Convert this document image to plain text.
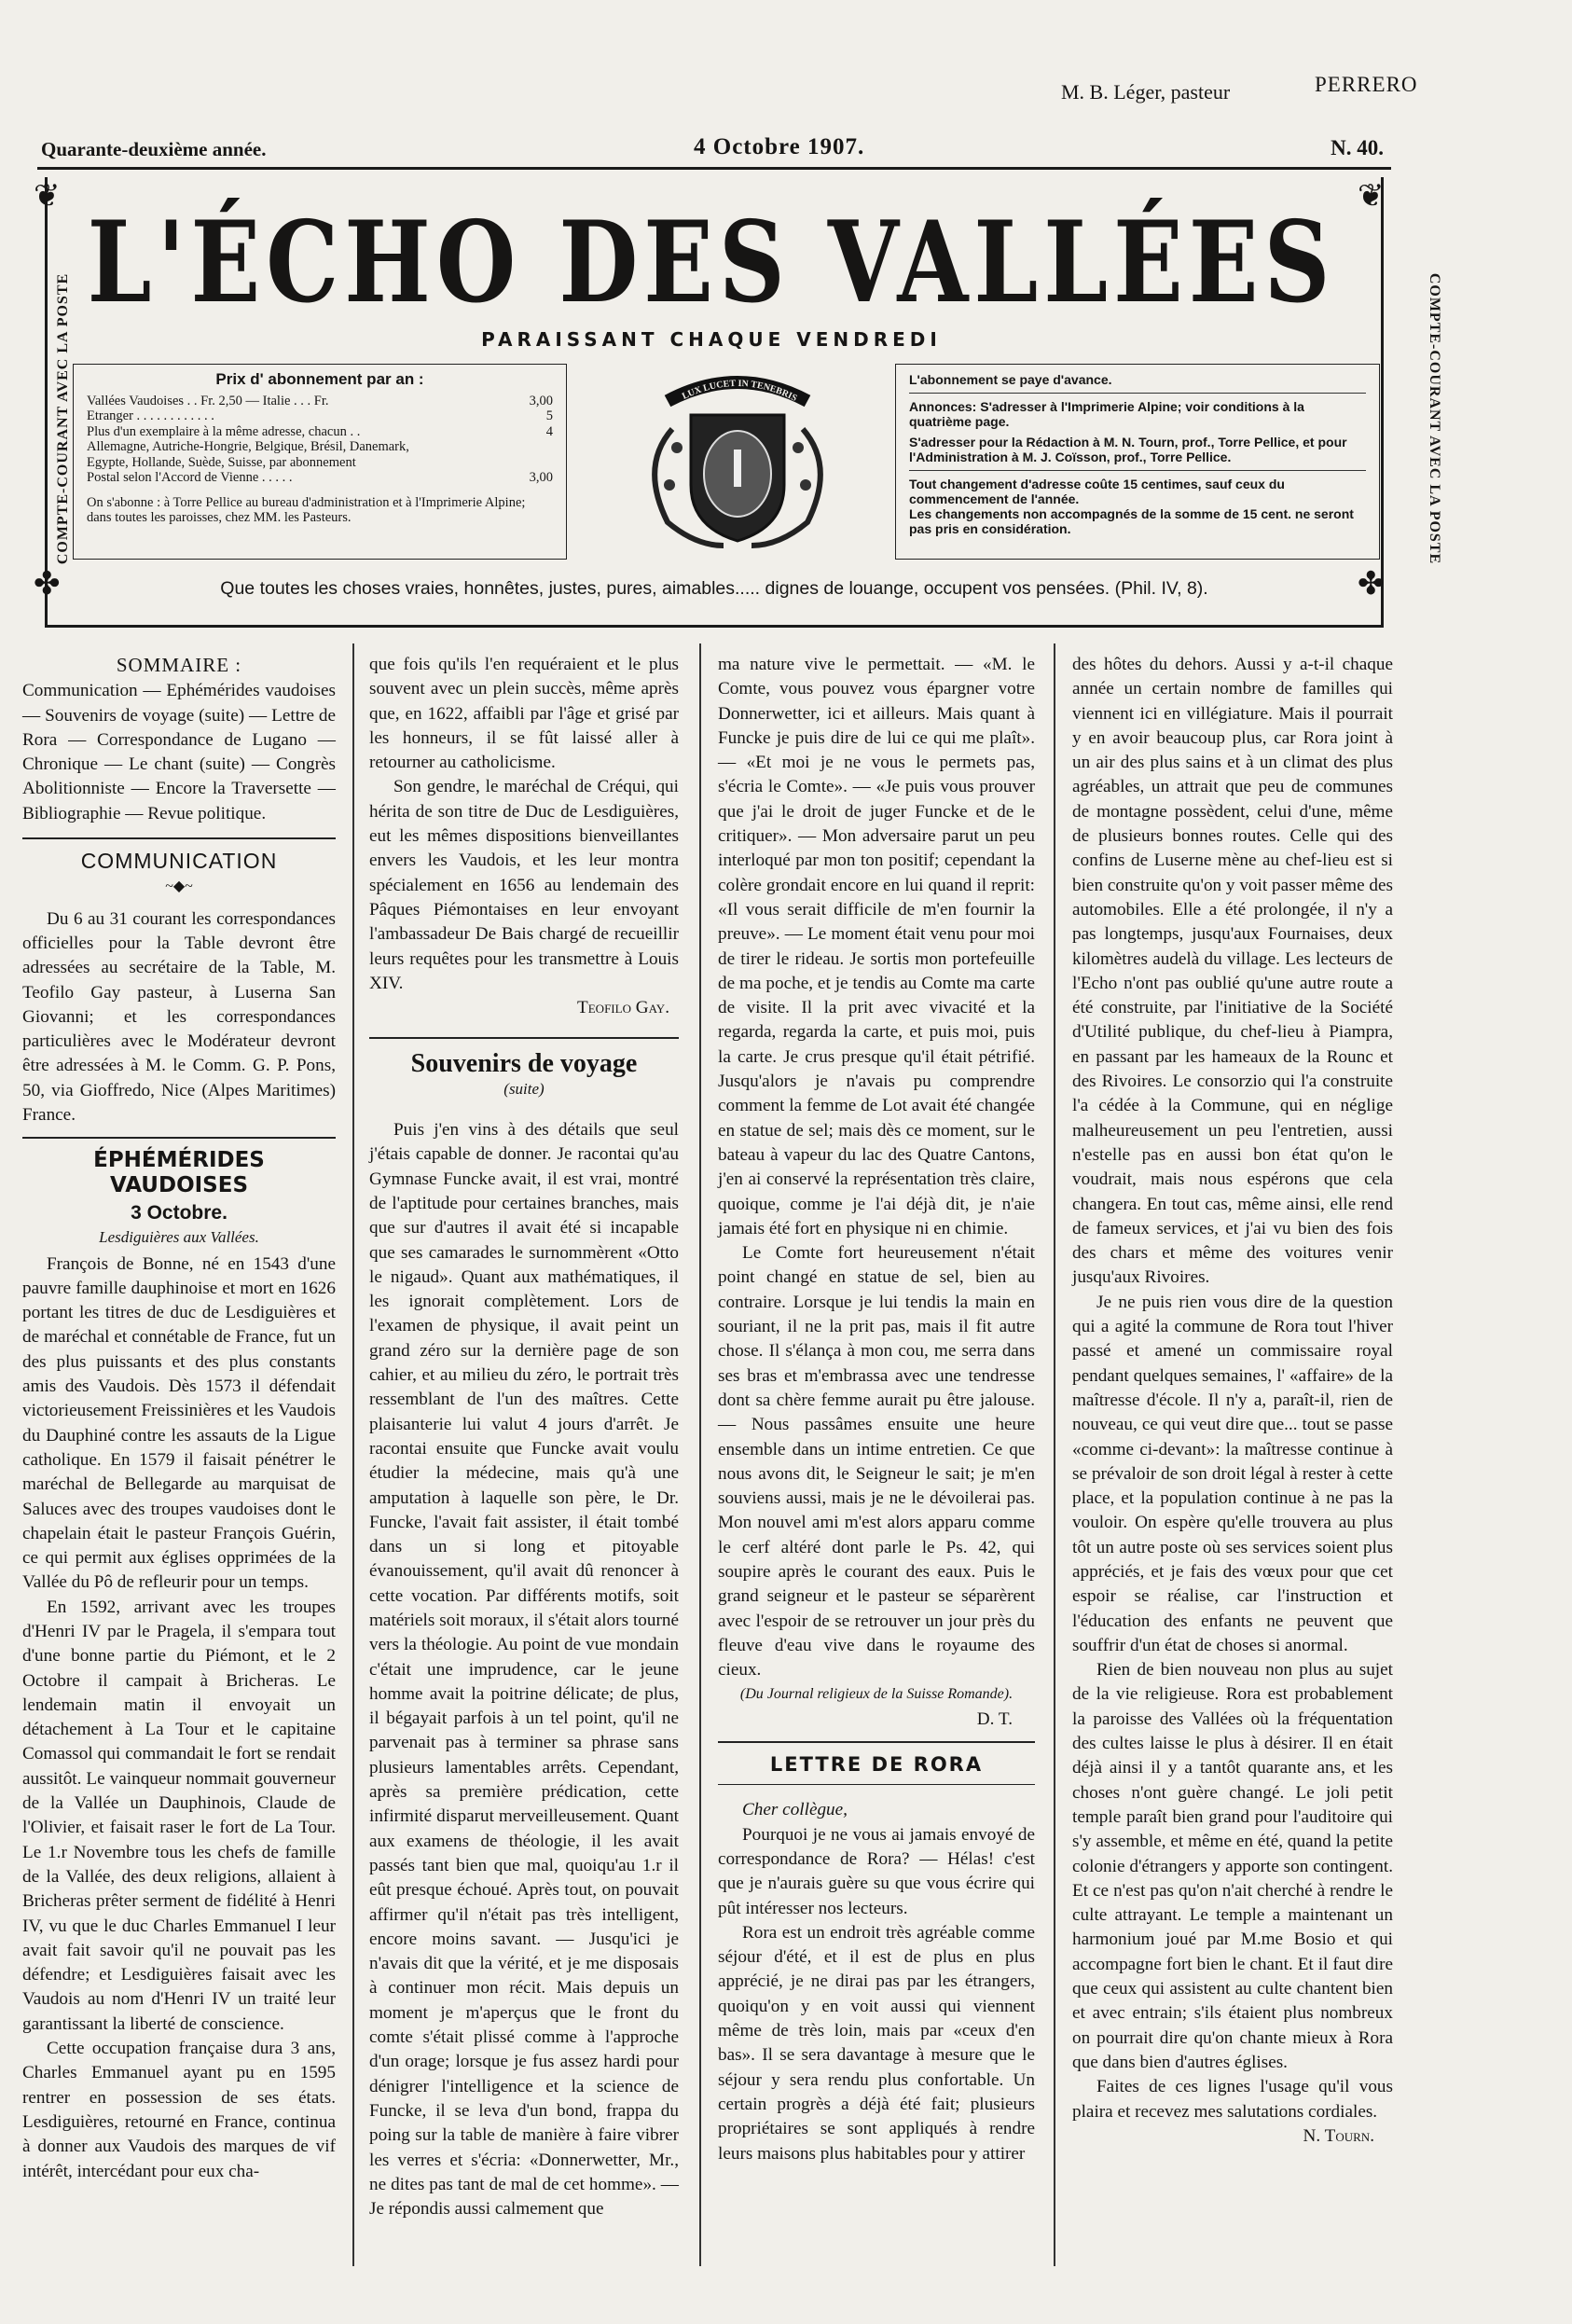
M. B. Léger, pasteur	PERRERO
Quarante-deuxième année.	4 Octobre 1907.	N. 40.
❦	❦
✤	✤
COMPTE-COURANT AVEC LA POSTE	COMPTE-COURANT AVEC LA POSTE
L'ÉCHO DES VALLÉES
PARAISSANT CHAQUE VENDREDI
Prix d' abonnement par an :
Vallées Vaudoises . . Fr. 2,50 — Italie . . . Fr.	3,00
Etranger . . . . . . . . . . . .	5
Plus d'un exemplaire à la même adresse, chacun . .	4
Allemagne, Autriche-Hongrie, Belgique, Brésil, Danemark,
Egypte, Hollande, Suède, Suisse, par abonnement
Postal selon l'Accord de Vienne . . . . .	3,00
On s'abonne : à Torre Pellice au bureau d'administration et à l'Imprimerie Alpine; dans toutes les paroisses, chez MM. les Pasteurs.
LUX LUCET IN TENEBRIS

L'abonnement se paye d'avance.

Annonces: S'adresser à l'Imprimerie Alpine; voir conditions à la quatrième page.

S'adresser pour la Rédaction à M. N. Tourn, prof., Torre Pellice, et pour l'Administration à M. J. Coïsson, prof., Torre Pellice.

Tout changement d'adresse coûte 15 centimes, sauf ceux du commencement de l'année.

Les changements non accompagnés de la somme de 15 cent. ne seront pas pris en considération.

Que toutes les choses vraies, honnêtes, justes, pures, aimables..... dignes de louange, occupent vos pensées. (Phil. IV, 8).
SOMMAIRE :

Communication — Ephémérides vaudoises — Souvenirs de voyage (suite) — Lettre de Rora — Correspondance de Lugano — Chronique — Le chant (suite) — Congrès Abolitionniste — Encore la Traversette — Bibliographie — Revue politique.

COMMUNICATION
~◆~

Du 6 au 31 courant les correspondances officielles pour la Table devront être adressées au secrétaire de la Table, M. Teofilo Gay pasteur, à Luserna San Giovanni; et les correspondances particulières avec le Modérateur devront être adressées à M. le Comm. G. P. Pons, 50, via Gioffredo, Nice (Alpes Maritimes) France.

ÉPHÉMÉRIDES VAUDOISES
3 Octobre.
Lesdiguières aux Vallées.

François de Bonne, né en 1543 d'une pauvre famille dauphinoise et mort en 1626 portant les titres de duc de Lesdiguières et de maréchal et connétable de France, fut un des plus puissants et des plus constants amis des Vaudois. Dès 1573 il défendait victorieusement Freissinières et les Vaudois du Dauphiné contre les assauts de la Ligue catholique. En 1579 il faisait pénétrer le maréchal de Bellegarde au marquisat de Saluces avec des troupes vaudoises dont le chapelain était le pasteur François Guérin, ce qui permit aux églises opprimées de la Vallée du Pô de refleurir pour un temps.

En 1592, arrivant avec les troupes d'Henri IV par le Pragela, il s'empara tout d'une bonne partie du Piémont, et le 2 Octobre il campait à Bricheras. Le lendemain matin il envoyait un détachement à La Tour et le capitaine Comassol qui commandait le fort se rendait aussitôt. Le vainqueur nommait gouverneur de la Vallée un Dauphinois, Claude de l'Olivier, et faisait raser le fort de La Tour. Le 1.r Novembre tous les chefs de famille de la Vallée, des deux religions, allaient à Bricheras prêter serment de fidélité à Henri IV, vu que le duc Charles Emmanuel I leur avait fait savoir qu'il ne pouvait pas les défendre; et Lesdiguières faisait avec les Vaudois au nom d'Henri IV un traité leur garantissant la liberté de conscience.

Cette occupation française dura 3 ans, Charles Emmanuel ayant pu en 1595 rentrer en possession de ses états. Lesdiguières, retourné en France, continua à donner aux Vaudois des marques de vif intérêt, intercédant pour eux cha-

que fois qu'ils l'en requéraient et le plus souvent avec un plein succès, même après que, en 1622, affaibli par l'âge et grisé par les honneurs, il se fût laissé aller à retourner au catholicisme.

Son gendre, le maréchal de Créqui, qui hérita de son titre de Duc de Lesdiguières, eut les mêmes dispositions bienveillantes envers les Vaudois, et les leur montra spécialement en 1656 au lendemain des Pâques Piémontaises en leur envoyant l'ambassadeur De Bais chargé de recueillir leurs requêtes pour les transmettre à Louis XIV.

Teofilo Gay.
Souvenirs de voyage
(suite)

Puis j'en vins à des détails que seul j'étais capable de donner. Je racontai qu'au Gymnase Funcke avait, il est vrai, montré de l'aptitude pour certaines branches, mais que sur d'autres il avait été si incapable que ses camarades le surnommèrent «Otto le nigaud». Quant aux mathématiques, il les ignorait complètement. Lors de l'examen de physique, il avait peint un grand zéro sur la dernière page de son cahier, et au milieu du zéro, le portrait très ressemblant de l'un des maîtres. Cette plaisanterie lui valut 4 jours d'arrêt. Je racontai ensuite que Funcke avait voulu étudier la médecine, mais qu'à une amputation à laquelle son père, le Dr. Funcke, l'avait fait assister, il était tombé dans un si long et pitoyable évanouissement, qu'il avait dû renoncer à cette vocation. Par différents motifs, soit matériels soit moraux, il s'était alors tourné vers la théologie. Au point de vue mondain c'était une imprudence, car le jeune homme avait la poitrine délicate; de plus, il bégayait parfois à un tel point, qu'il ne parvenait pas à terminer sa phrase sans plusieurs lamentables arrêts. Cependant, après sa première prédication, cette infirmité disparut merveilleusement. Quant aux examens de théologie, il les avait passés tant bien que mal, quoiqu'au 1.r il eût presque échoué. Après tout, on pouvait affirmer qu'il n'était pas très intelligent, encore moins savant. — Jusqu'ici je n'avais dit que la vérité, et je me disposais à continuer mon récit. Mais depuis un moment je m'aperçus que le front du comte s'était plissé comme à l'approche d'un orage; lorsque je fus assez hardi pour dénigrer l'intelligence et la science de Funcke, il se leva d'un bond, frappa du poing sur la table de manière à faire vibrer les verres et s'écria: «Donnerwetter, Mr., ne dites pas tant de mal de cet homme». — Je répondis aussi calmement que

ma nature vive le permettait. — «M. le Comte, vous pouvez vous épargner votre Donnerwetter, ici et ailleurs. Mais quant à Funcke je puis dire de lui ce qui me plaît». — «Et moi je ne vous le permets pas, s'écria le Comte». — «Je puis vous prouver que j'ai le droit de juger Funcke et de le critiquer». — Mon adversaire parut un peu interloqué par mon ton positif; cependant la colère grondait encore en lui quand il reprit: «Il vous serait difficile de m'en fournir la preuve». — Le moment était venu pour moi de tirer le rideau. Je sortis mon portefeuille de ma poche, et je tendis au Comte ma carte de visite. Il la prit avec vivacité et la regarda, regarda la carte, et puis moi, puis la carte. Je crus presque qu'il était pétrifié. Jusqu'alors je n'avais pu comprendre comment la femme de Lot avait été changée en statue de sel; mais dès ce moment, sur le bateau à vapeur du lac des Quatre Cantons, j'en ai conservé la représentation très claire, quoique, comme je l'ai déjà dit, je n'aie jamais été fort en physique ni en chimie.

Le Comte fort heureusement n'était point changé en statue de sel, bien au contraire. Lorsque je lui tendis la main en souriant, il ne la prit pas, mais il fit autre chose. Il s'élança à mon cou, me serra dans ses bras et m'embrassa avec une tendresse dont sa chère femme aurait pu être jalouse. — Nous passâmes ensuite une heure ensemble dans un intime entretien. Ce que nous avons dit, le Seigneur le sait; je m'en souviens aussi, mais je ne le dévoilerai pas. Mon nouvel ami m'est alors apparu comme le cerf altéré dont parle le Ps. 42, qui soupire après le courant des eaux. Puis le grand seigneur et le pasteur se séparèrent avec l'espoir de se retrouver un jour près du fleuve d'eau vive dans le royaume des cieux.

(Du Journal religieux de la Suisse Romande).
D. T.
LETTRE DE RORA

Cher collègue,

Pourquoi je ne vous ai jamais envoyé de correspondance de Rora? — Hélas! c'est que je n'aurais guère su que vous écrire qui pût intéresser nos lecteurs.

Rora est un endroit très agréable comme séjour d'été, et il est de plus en plus apprécié, je ne dirai pas par les étrangers, quoiqu'on y en voit aussi qui viennent même de très loin, mais par «ceux d'en bas». Il se sera davantage à mesure que le séjour y sera rendu plus confortable. Un certain progrès a déjà été fait; plusieurs propriétaires se sont appliqués à rendre leurs maisons plus habitables pour y attirer

des hôtes du dehors. Aussi y a-t-il chaque année un certain nombre de familles qui viennent ici en villégiature. Mais il pourrait y en avoir beaucoup plus, car Rora joint à un air des plus sains et à un climat des plus agréables, un attrait que peu de communes de montagne possèdent, celui d'une, même de plusieurs bonnes routes. Celle qui des confins de Luserne mène au chef-lieu est si bien construite qu'on y voit passer même des automobiles. Elle a été prolongée, il n'y a pas longtemps, jusqu'aux Fournaises, deux kilomètres audelà du village. Les lecteurs de l'Echo n'ont pas oublié qu'une autre route a été construite, par l'initiative de la Société d'Utilité publique, du chef-lieu à Piampra, en passant par les hameaux de la Rounc et des Rivoires. Le consorzio qui l'a construite l'a cédée à la Commune, qui en néglige malheureusement un peu l'entretien, aussi n'estelle pas en aussi bon état qu'on le voudrait, mais nous espérons que cela changera. En tout cas, même ainsi, elle rend de fameux services, et j'ai vu bien des fois des chars et même des voitures venir jusqu'aux Rivoires.

Je ne puis rien vous dire de la question qui a agité la commune de Rora tout l'hiver passé et amené un commissaire royal pendant quelques semaines, l' «affaire» de la maîtresse d'école. Il n'y a, paraît-il, rien de nouveau, ce qui veut dire que... tout se passe «comme ci-devant»: la maîtresse continue à se prévaloir de son droit légal à rester à cette place, et la population continue à ne pas la vouloir. On espère qu'elle trouvera au plus tôt un autre poste où ses services soient plus appréciés, et je fais des vœux pour que cet espoir se réalise, car l'instruction et l'éducation des enfants ne peuvent que souffrir d'un état de choses si anormal.

Rien de bien nouveau non plus au sujet de la vie religieuse. Rora est probablement la paroisse des Vallées où la fréquentation des cultes laisse le plus à désirer. Il en était déjà ainsi il y a tantôt quarante ans, et les choses n'ont guère changé. Le joli petit temple paraît bien grand pour l'auditoire qui s'y assemble, et même en été, quand la petite colonie d'étrangers y apporte son contingent. Et ce n'est pas qu'on n'ait cherché à rendre le culte attrayant. Le temple a maintenant un harmonium joué par M.me Bosio et qui accompagne fort bien le chant. Et il faut dire que ceux qui assistent au culte chantent bien et avec entrain; s'ils étaient plus nombreux on pourrait dire qu'on chante mieux à Rora que dans bien d'autres églises.

Faites de ces lignes l'usage qu'il vous plaira et recevez mes salutations cordiales.

N. Tourn.
